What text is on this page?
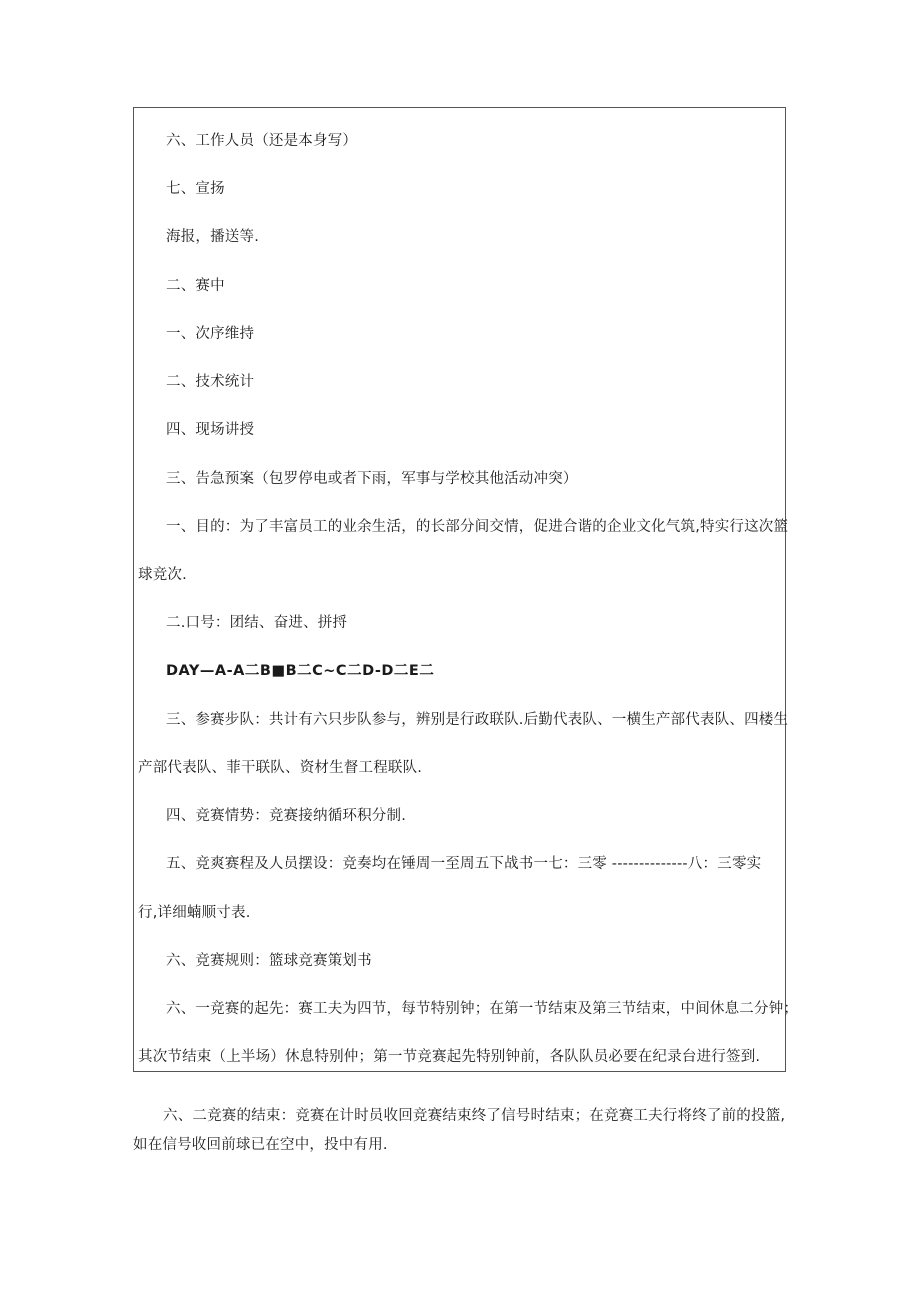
六、工作人员（还是本身写）
七、宣扬
海报，播送等.
二、赛中
一、次序维持
二、技术统计
四、现场讲授
三、告急预案（包罗停电或者下雨，军事与学校其他活动冲突）
一、目的：为了丰富员工的业余生活，的长部分间交情，促进合谐的企业文化气筑,特实行这次篮
球竞次.
二.口号：团结、奋进、拼捋
DAY—A-A二B■B二C~C二D-D二E二
三、参赛步队：共计有六只步队参与，辨别是行政联队.后勤代表队、一横生产部代表队、四楼生
产部代表队、菲干联队、资材生督工程联队.
四、竞赛情势：竞赛接纳循环积分制.
五、竞爽赛程及人员摆设：竞奏均在锤周一至周五下战书一七：三零 --------------八：三零实
行,详细蝻顺寸表.
六、竞赛规则：篮球竞赛策划书
六、一竞赛的起先：赛工夫为四节，每节特别钟；在第一节结束及第三节结束，中间休息二分钟；
其次节结束（上半场）休息特别仲；第一节竞赛起先特别钟前，各队队员必要在纪录台进行签到.
六、二竞赛的结束：竞赛在计时员收回竞赛结束终了信号时结束；在竞赛工夫行将终了前的投篮,
如在信号收回前球已在空中，投中有用.
